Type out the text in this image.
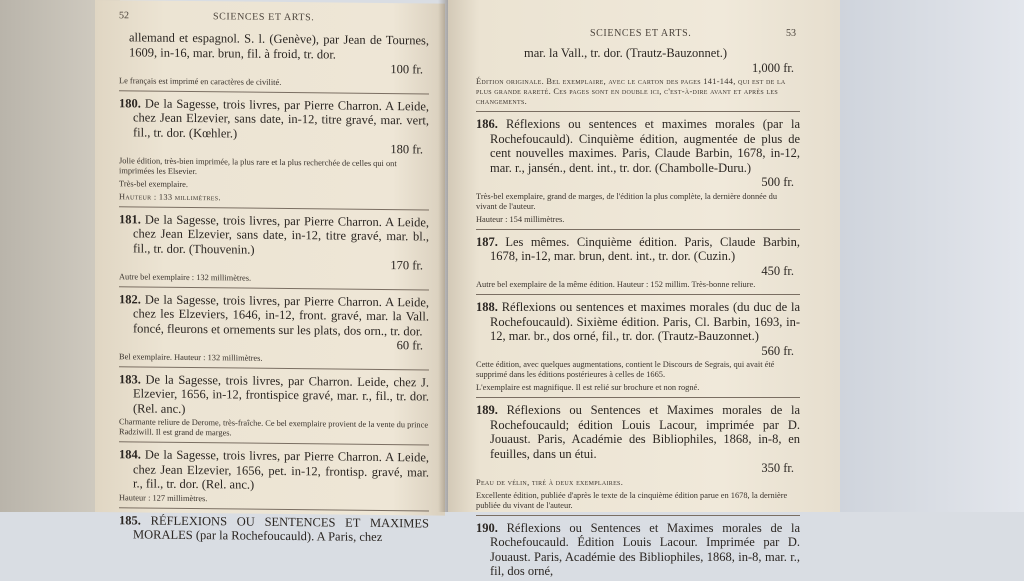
52	SCIENCES ET ARTS.
allemand et espagnol. S. l. (Genève), par Jean de Tournes, 1609, in-16, mar. brun, fil. à froid, tr. dor.
100 fr.
Le français est imprimé en caractères de civilité.
180. De la Sagesse, trois livres, par Pierre Charron. A Leide, chez Jean Elzevier, sans date, in-12, titre gravé, mar. vert, fil., tr. dor. (Kœhler.)
180 fr.
Jolie édition, très-bien imprimée, la plus rare et la plus recherchée de celles qui ont imprimées les Elsevier.
Très-bel exemplaire.
Hauteur : 133 millimètres.
181. De la Sagesse, trois livres, par Pierre Charron. A Leide, chez Jean Elzevier, sans date, in-12, titre gravé, mar. bl., fil., tr. dor. (Thouvenin.)
170 fr.
Autre bel exemplaire : 132 millimètres.
182. De la Sagesse, trois livres, par Pierre Charron. A Leide, chez les Elzeviers, 1646, in-12, front. gravé, mar. la Vall. foncé, fleurons et ornements sur les plats, dos orn., tr. dor.
60 fr.
Bel exemplaire. Hauteur : 132 millimètres.
183. De la Sagesse, trois livres, par Charron. Leide, chez J. Elzevier, 1656, in-12, frontispice gravé, mar. r., fil., tr. dor. (Rel. anc.)
Charmante reliure de Derome, très-fraîche. Ce bel exemplaire provient de la vente du prince Radziwill. Il est grand de marges.
184. De la Sagesse, trois livres, par Pierre Charron. A Leide, chez Jean Elzevier, 1656, pet. in-12, frontisp. gravé, mar. r., fil., tr. dor. (Rel. anc.)
Hauteur : 127 millimètres.
185. RÉFLEXIONS OU SENTENCES ET MAXIMES MORALES (par la Rochefoucauld). A Paris, chez
SCIENCES ET ARTS.	53
mar. la Vall., tr. dor. (Trautz-Bauzonnet.)
1,000 fr.
Édition originale. Bel exemplaire, avec le carton des pages 141-144, qui est de la plus grande rareté. Ces pages sont en double ici, c'est-à-dire avant et après les changements.
186. Réflexions ou sentences et maximes morales (par la Rochefoucauld). Cinquième édition, augmentée de plus de cent nouvelles maximes. Paris, Claude Barbin, 1678, in-12, mar. r., jansén., dent. int., tr. dor. (Chambolle-Duru.)
500 fr.
Très-bel exemplaire, grand de marges, de l'édition la plus complète, la dernière donnée du vivant de l'auteur.
Hauteur : 154 millimètres.
187. Les mêmes. Cinquième édition. Paris, Claude Barbin, 1678, in-12, mar. brun, dent. int., tr. dor. (Cuzin.)
450 fr.
Autre bel exemplaire de la même édition. Hauteur : 152 millim. Très-bonne reliure.
188. Réflexions ou sentences et maximes morales (du duc de la Rochefoucauld). Sixième édition. Paris, Cl. Barbin, 1693, in-12, mar. br., dos orné, fil., tr. dor. (Trautz-Bauzonnet.)
560 fr.
Cette édition, avec quelques augmentations, contient le Discours de Segrais, qui avait été supprimé dans les éditions postérieures à celles de 1665.
L'exemplaire est magnifique. Il est relié sur brochure et non rogné.
189. Réflexions ou Sentences et Maximes morales de la Rochefoucauld; édition Louis Lacour, imprimée par D. Jouaust. Paris, Académie des Bibliophiles, 1868, in-8, en feuilles, dans un étui.
350 fr.
Peau de vélin, tiré à deux exemplaires.
Excellente édition, publiée d'après le texte de la cinquième édition parue en 1678, la dernière publiée du vivant de l'auteur.
190. Réflexions ou Sentences et Maximes morales de la Rochefoucauld. Édition Louis Lacour. Imprimée par D. Jouaust. Paris, Académie des Bibliophiles, 1868, in-8, mar. r., fil, dos orné,
